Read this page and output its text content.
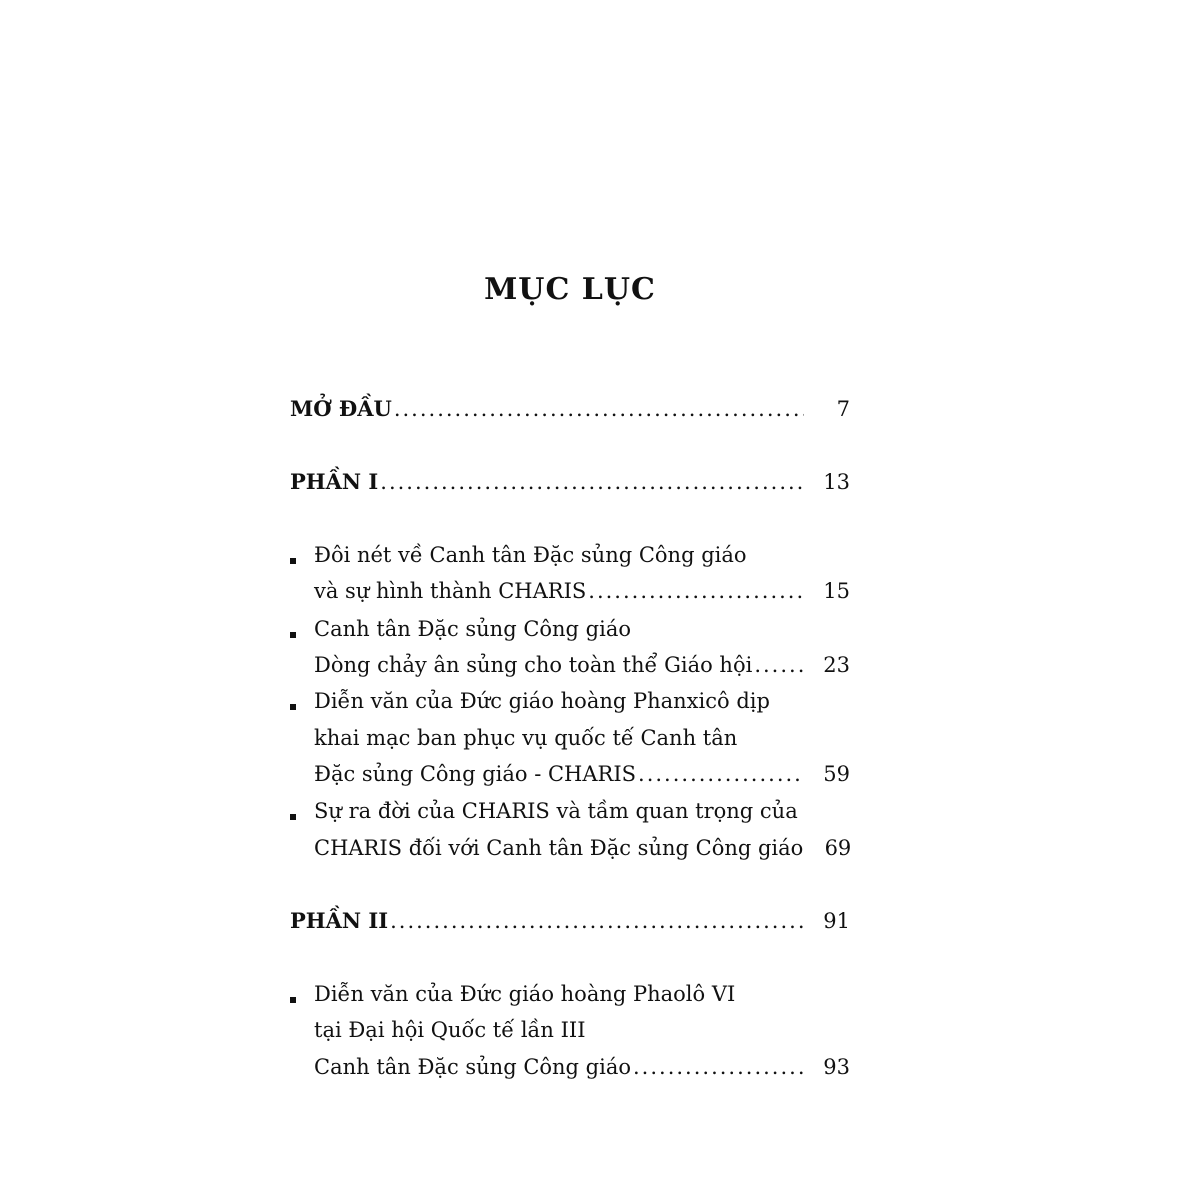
MỤC LỤC
MỞ ĐẦU .....	7
PHẦN I .....	13
Đôi nét về Canh tân Đặc sủng Công giáo
và sự hình thành CHARIS .....	15
Canh tân Đặc sủng Công giáo
Dòng chảy ân sủng cho toàn thể Giáo hội .....	23
Diễn văn của Đức giáo hoàng Phanxicô dịp
khai mạc ban phục vụ quốc tế Canh tân
Đặc sủng Công giáo - CHARIS .....	59
Sự ra đời của CHARIS và tầm quan trọng của
CHARIS đối với Canh tân Đặc sủng Công giáo	69
PHẦN II .....	91
Diễn văn của Đức giáo hoàng Phaolô VI
tại Đại hội Quốc tế lần III
Canh tân Đặc sủng Công giáo .....	93
